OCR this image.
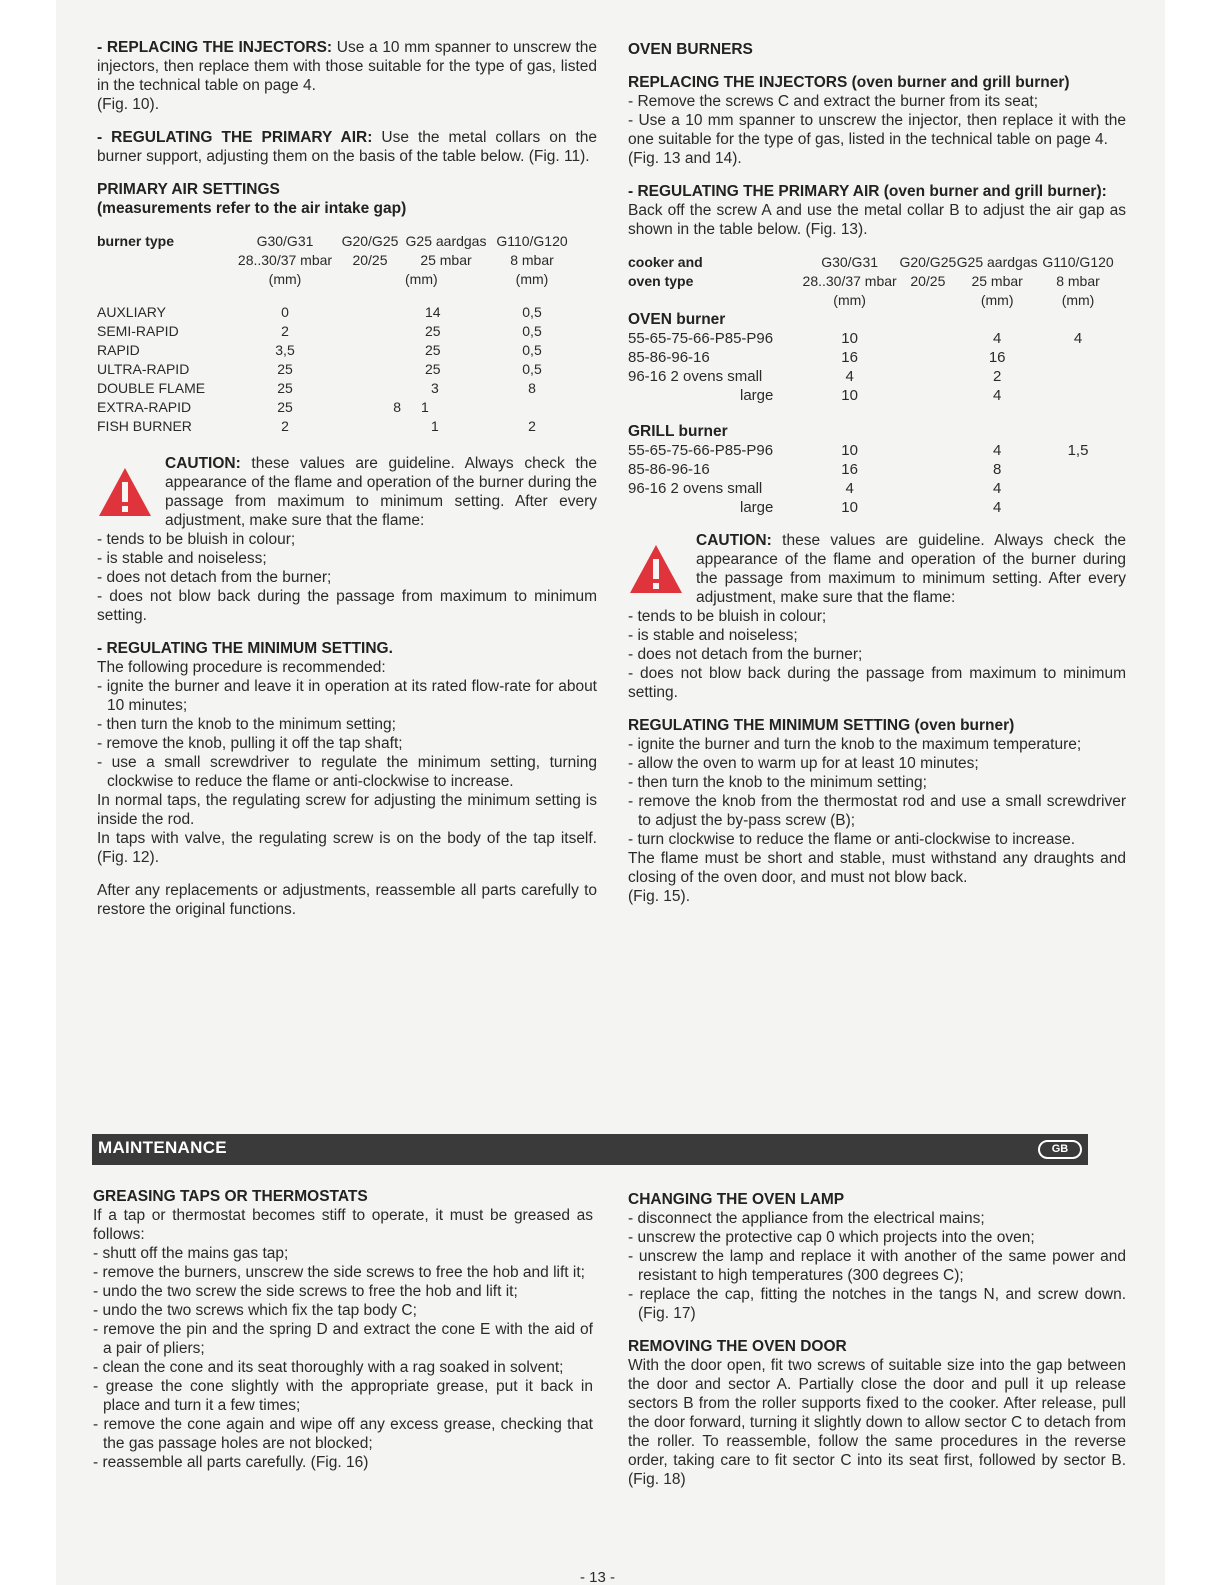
- REPLACING THE INJECTORS: Use a 10 mm spanner to unscrew the injectors, then replace them with those suitable for the type of gas, listed in the technical table on page 4.

(Fig. 10).

- REGULATING THE PRIMARY AIR: Use the metal collars on the burner support, adjusting them on the basis of the table below. (Fig. 11).

PRIMARY AIR SETTINGS

(measurements refer to the air intake gap)

burner type	G30/G31	G20/G25	G25 aardgas	G110/G120
	28..30/37 mbar	20/25	25 mbar	8 mbar
	(mm)		(mm)	(mm)

AUXLIARY	0		14	0,5
SEMI-RAPID	2		25	0,5
RAPID	3,5		25	0,5
ULTRA-RAPID	25		25	0,5
DOUBLE FLAME	25		3	8
EXTRA-RAPID	25	8	1	
FISH BURNER	2		1	2
CAUTION: these values are guideline. Always check the appearance of the flame and operation of the burner during the passage from maximum to minimum setting. After every adjustment, make sure that the flame:

- tends to be bluish in colour;

- is stable and noiseless;

- does not detach from the burner;

- does not blow back during the passage from maximum to minimum setting.

- REGULATING THE MINIMUM SETTING.

The following procedure is recommended:

- ignite the burner and leave it in operation at its rated flow-rate for about 10 minutes;

- then turn the knob to the minimum setting;

- remove the knob, pulling it off the tap shaft;

- use a small screwdriver to regulate the minimum setting, turning clockwise to reduce the flame or anti-clockwise to increase.

In normal taps, the regulating screw for adjusting the minimum setting is inside the rod.

In taps with valve, the regulating screw is on the body of the tap itself. (Fig. 12).

After any replacements or adjustments, reassemble all parts carefully to restore the original functions.

OVEN BURNERS

REPLACING THE INJECTORS (oven burner and grill burner)

- Remove the screws C and extract the burner from its seat;

- Use a 10 mm spanner to unscrew the injector, then replace it with the one suitable for the type of gas, listed in the technical table on page 4.

(Fig. 13 and 14).

- REGULATING THE PRIMARY AIR (oven burner and grill burner):

Back off the screw A and use the metal collar B to adjust the air gap as shown in the table below. (Fig. 13).

cooker and	G30/G31	G20/G25	G25 aardgas	G110/G120
oven type	28..30/37 mbar	20/25	25 mbar	8 mbar
	(mm)		(mm)	(mm)
OVEN burner				
55-65-75-66-P85-P96	10		4	4
85-86-96-16	16		16	
96-16 2 ovens small	4		2	
large	10		4	

GRILL burner				
55-65-75-66-P85-P96	10		4	1,5
85-86-96-16	16		8	
96-16 2 ovens small	4		4	
large	10		4	
CAUTION: these values are guideline. Always check the appearance of the flame and operation of the burner during the passage from maximum to minimum setting. After every adjustment, make sure that the flame:

- tends to be bluish in colour;

- is stable and noiseless;

- does not detach from the burner;

- does not blow back during the passage from maximum to minimum setting.

REGULATING THE MINIMUM SETTING (oven burner)

- ignite the burner and turn the knob to the maximum temperature;

- allow the oven to warm up for at least 10 minutes;

- then turn the knob to the minimum setting;

- remove the knob from the thermostat rod and use a small screwdriver to adjust the by-pass screw (B);

- turn clockwise to reduce the flame or anti-clockwise to increase.

The flame must be short and stable, must withstand any draughts and closing of the oven door, and must not blow back.

(Fig. 15).

MAINTENANCE	GB

GREASING TAPS OR THERMOSTATS

If a tap or thermostat becomes stiff to operate, it must be greased as follows:

- shutt off the mains gas tap;

- remove the burners, unscrew the side screws to free the hob and lift it;

- undo the two screw the side screws to free the hob and lift it;

- undo the two screws which fix the tap body C;

- remove the pin and the spring D and extract the cone E with the aid of a pair of pliers;

- clean the cone and its seat thoroughly with a rag soaked in solvent;

- grease the cone slightly with the appropriate grease, put it back in place and turn it a few times;

- remove the cone again and wipe off any excess grease, checking that the gas passage holes are not blocked;

- reassemble all parts carefully. (Fig. 16)

CHANGING THE OVEN LAMP

- disconnect the appliance from the electrical mains;

- unscrew the protective cap 0 which projects into the oven;

- unscrew the lamp and replace it with another of the same power and resistant to high temperatures (300 degrees C);

- replace the cap, fitting the notches in the tangs N, and screw down. (Fig. 17)

REMOVING THE OVEN DOOR

With the door open, fit two screws of suitable size into the gap between the door and sector A. Partially close the door and pull it up release sectors B from the roller supports fixed to the cooker. After release, pull the door forward, turning it slightly down to allow sector C to detach from the roller. To reassemble, follow the same procedures in the reverse order, taking care to fit sector C into its seat first, followed by sector B. (Fig. 18)

- 13 -
